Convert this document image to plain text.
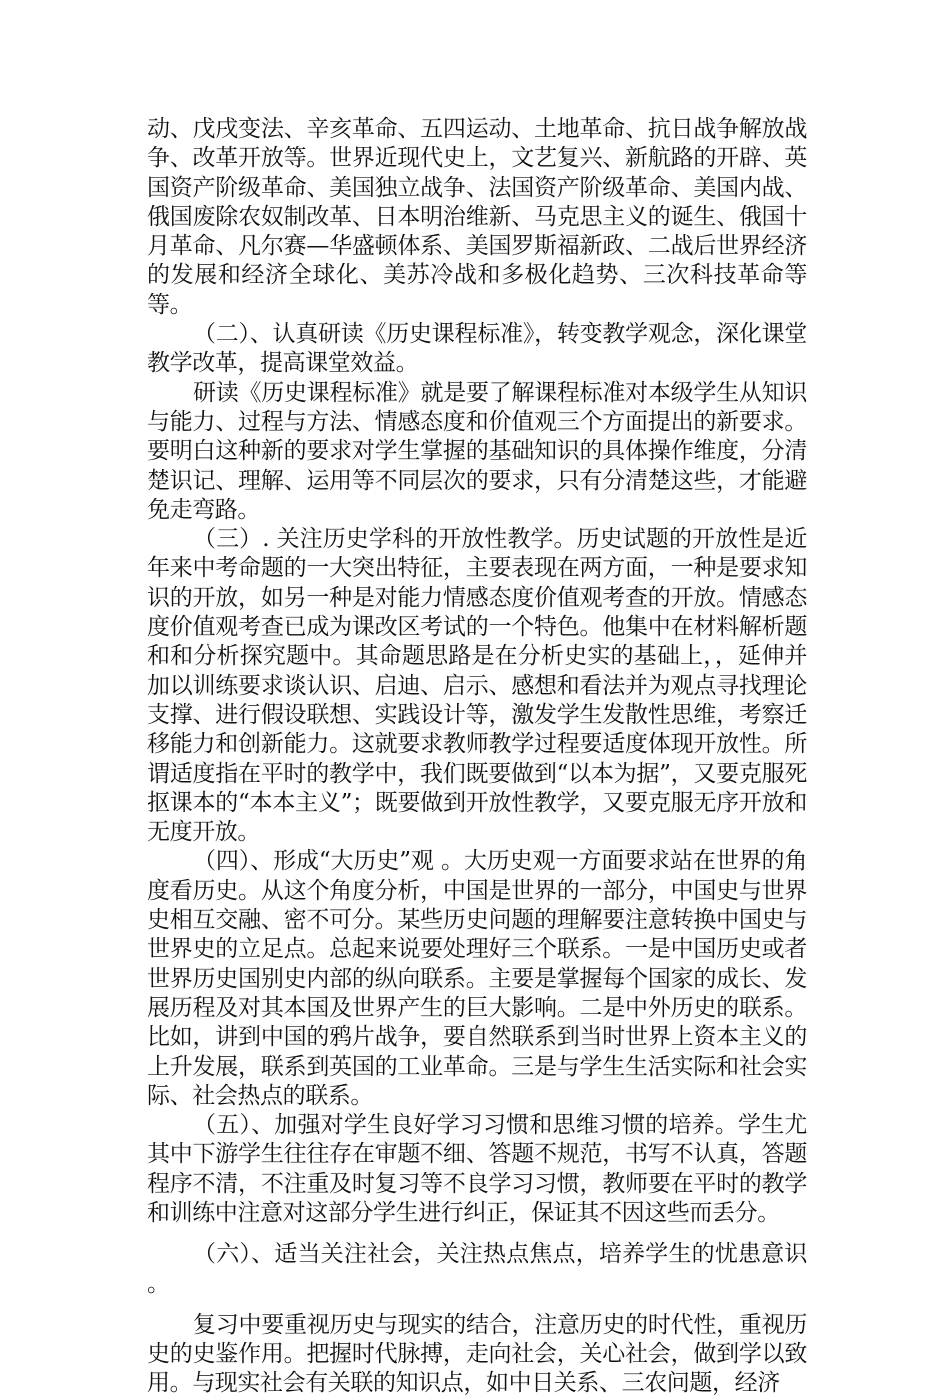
动、戊戌变法、辛亥革命、五四运动、土地革命、抗日战争解放战争、改革开放等。世界近现代史上，文艺复兴、新航路的开辟、英国资产阶级革命、美国独立战争、法国资产阶级革命、美国内战、俄国废除农奴制改革、日本明治维新、马克思主义的诞生、俄国十月革命、凡尔赛—华盛顿体系、美国罗斯福新政、二战后世界经济的发展和经济全球化、美苏冷战和多极化趋势、三次科技革命等等。

（二）、认真研读《历史课程标准》，转变教学观念，深化课堂教学改革，提高课堂效益。

研读《历史课程标准》就是要了解课程标准对本级学生从知识与能力、过程与方法、情感态度和价值观三个方面提出的新要求。要明白这种新的要求对学生掌握的基础知识的具体操作维度，分清楚识记、理解、运用等不同层次的要求，只有分清楚这些，才能避免走弯路。

（三）. 关注历史学科的开放性教学。历史试题的开放性是近年来中考命题的一大突出特征，主要表现在两方面，一种是要求知识的开放，如另一种是对能力情感态度价值观考查的开放。情感态度价值观考查已成为课改区考试的一个特色。他集中在材料解析题和和分析探究题中。其命题思路是在分析史实的基础上，，延伸并加以训练要求谈认识、启迪、启示、感想和看法并为观点寻找理论支撑、进行假设联想、实践设计等，激发学生发散性思维，考察迁移能力和创新能力。这就要求教师教学过程要适度体现开放性。所谓适度指在平时的教学中，我们既要做到“以本为据”，又要克服死抠课本的“本本主义”；既要做到开放性教学，又要克服无序开放和无度开放。

（四）、形成“大历史”观 。大历史观一方面要求站在世界的角度看历史。从这个角度分析，中国是世界的一部分，中国史与世界史相互交融、密不可分。某些历史问题的理解要注意转换中国史与世界史的立足点。总起来说要处理好三个联系。一是中国历史或者世界历史国别史内部的纵向联系。主要是掌握每个国家的成长、发展历程及对其本国及世界产生的巨大影响。二是中外历史的联系。比如，讲到中国的鸦片战争，要自然联系到当时世界上资本主义的上升发展，联系到英国的工业革命。三是与学生生活实际和社会实际、社会热点的联系。

（五）、加强对学生良好学习习惯和思维习惯的培养。学生尤其中下游学生往往存在审题不细、答题不规范，书写不认真，答题程序不清，不注重及时复习等不良学习习惯，教师要在平时的教学和训练中注意对这部分学生进行纠正，保证其不因这些而丢分。

（六）、适当关注社会，关注热点焦点，培养学生的忧患意识 。

复习中要重视历史与现实的结合，注意历史的时代性，重视历史的史鉴作用。把握时代脉搏，走向社会，关心社会，做到学以致用。与现实社会有关联的知识点，如中日关系、三农问题，经济
